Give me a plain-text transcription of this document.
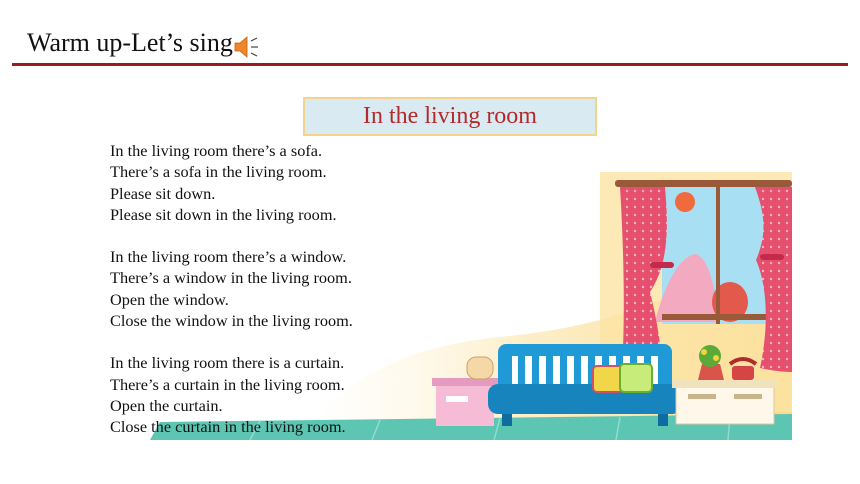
Warm up-Let’s sing
In the living room
In the living room there’s a sofa.
There’s a sofa in the living room.
Please sit down.
Please sit down in the living room.
In the living room there’s a window.
There’s a window in the living room.
Open the window.
Close the window in the living room.
In the living room there is a curtain.
There’s a curtain in the living room.
Open the curtain.
Close the curtain in the living room.
